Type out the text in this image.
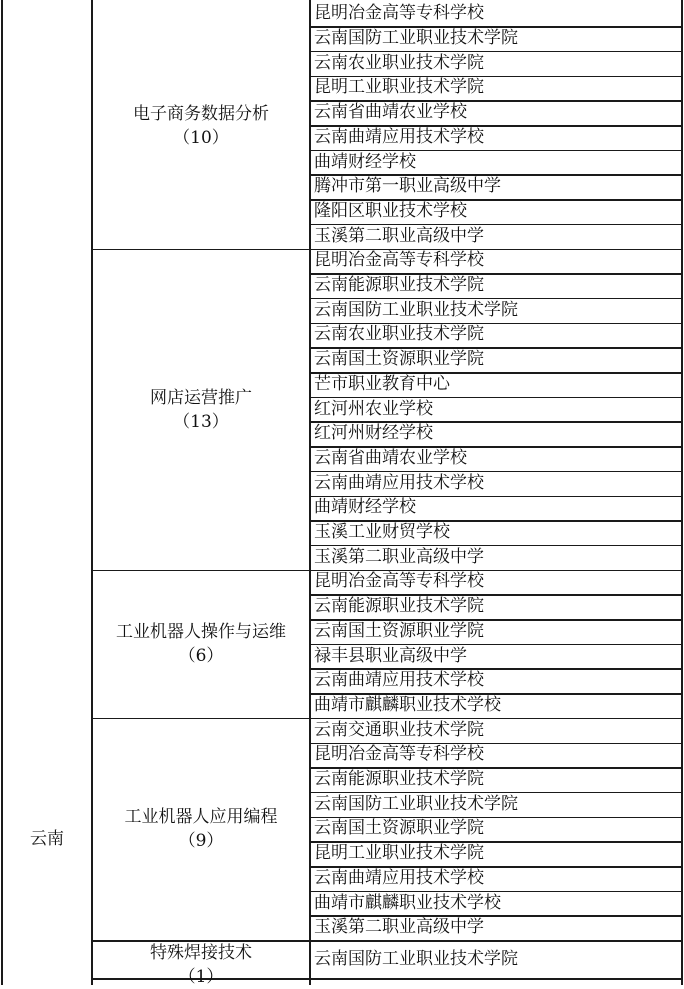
昆明冶金高等专科学校
云南国防工业职业技术学院
云南农业职业技术学院
昆明工业职业技术学院
云南省曲靖农业学校
云南曲靖应用技术学校
曲靖财经学校
腾冲市第一职业高级中学
隆阳区职业技术学校
玉溪第二职业高级中学
电子商务数据分析
（10）
昆明冶金高等专科学校
云南能源职业技术学院
云南国防工业职业技术学院
云南农业职业技术学院
云南国土资源职业学院
芒市职业教育中心
红河州农业学校
红河州财经学校
云南省曲靖农业学校
云南曲靖应用技术学校
曲靖财经学校
玉溪工业财贸学校
玉溪第二职业高级中学
网店运营推广
（13）
昆明冶金高等专科学校
云南能源职业技术学院
云南国土资源职业学院
禄丰县职业高级中学
云南曲靖应用技术学校
曲靖市麒麟职业技术学校
工业机器人操作与运维
（6）
云南交通职业技术学院
昆明冶金高等专科学校
云南能源职业技术学院
云南国防工业职业技术学院
云南国土资源职业学院
昆明工业职业技术学院
云南曲靖应用技术学校
曲靖市麒麟职业技术学校
玉溪第二职业高级中学
工业机器人应用编程
（9）
云南国防工业职业技术学院
特殊焊接技术
（1）
云南
